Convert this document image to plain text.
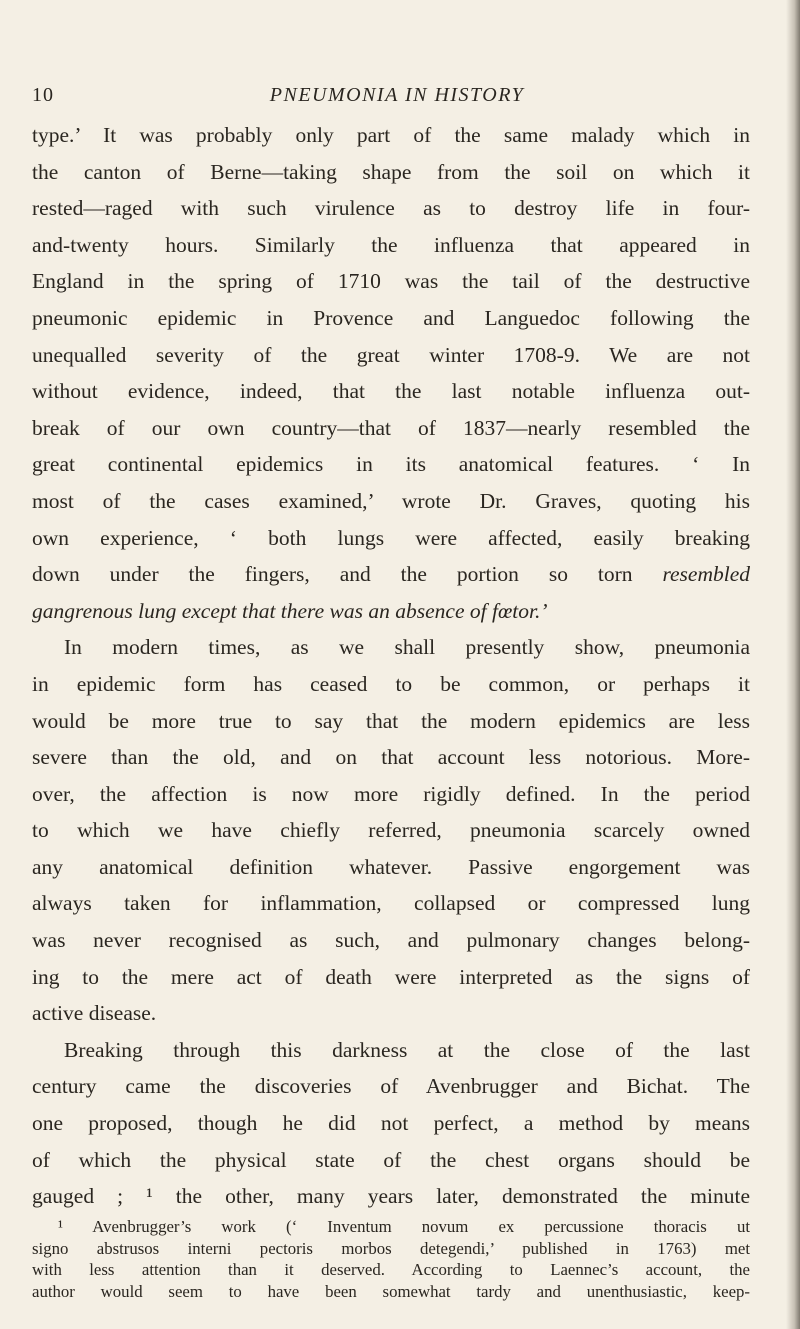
10	PNEUMONIA IN HISTORY
type.’ It was probably only part of the same malady which in
the canton of Berne—taking shape from the soil on which it
rested—raged with such virulence as to destroy life in four-
and-twenty hours. Similarly the influenza that appeared in
England in the spring of 1710 was the tail of the destructive
pneumonic epidemic in Provence and Languedoc following the
unequalled severity of the great winter 1708-9. We are not
without evidence, indeed, that the last notable influenza out-
break of our own country—that of 1837—nearly resembled the
great continental epidemics in its anatomical features. ‘ In
most of the cases examined,’ wrote Dr. Graves, quoting his
own experience, ‘ both lungs were affected, easily breaking
down under the fingers, and the portion so torn resembled
gangrenous lung except that there was an absence of fœtor.’
In modern times, as we shall presently show, pneumonia
in epidemic form has ceased to be common, or perhaps it
would be more true to say that the modern epidemics are less
severe than the old, and on that account less notorious. More-
over, the affection is now more rigidly defined. In the period
to which we have chiefly referred, pneumonia scarcely owned
any anatomical definition whatever. Passive engorgement was
always taken for inflammation, collapsed or compressed lung
was never recognised as such, and pulmonary changes belong-
ing to the mere act of death were interpreted as the signs of
active disease.
Breaking through this darkness at the close of the last
century came the discoveries of Avenbrugger and Bichat. The
one proposed, though he did not perfect, a method by means
of which the physical state of the chest organs should be
gauged ; ¹ the other, many years later, demonstrated the minute
¹ Avenbrugger’s work (‘ Inventum novum ex percussione thoracis ut
signo abstrusos interni pectoris morbos detegendi,’ published in 1763) met
with less attention than it deserved. According to Laennec’s account, the
author would seem to have been somewhat tardy and unenthusiastic, keep-
